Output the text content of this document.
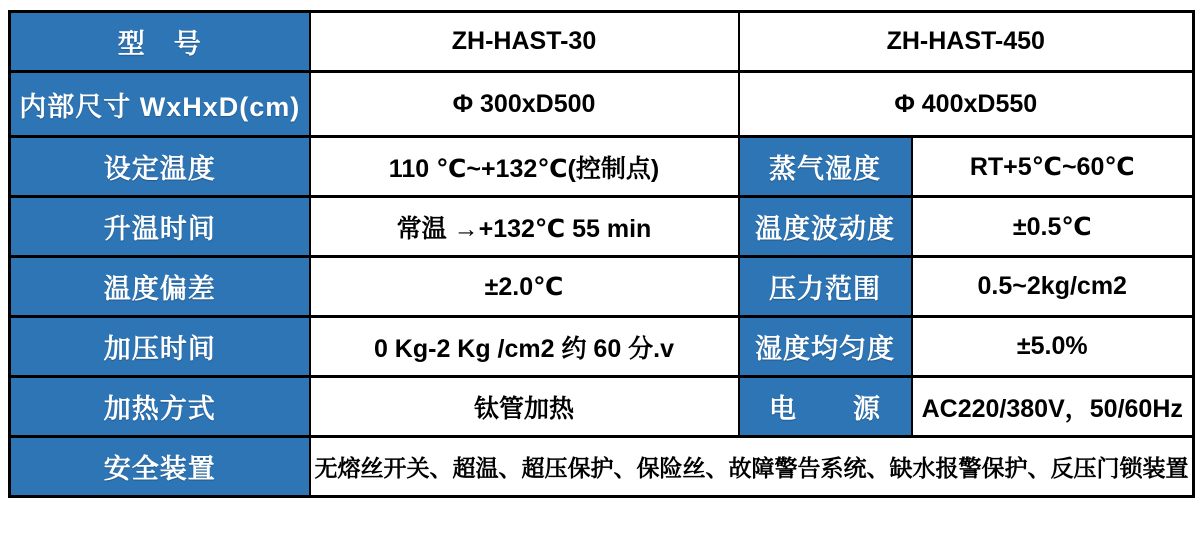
型　号	ZH-HAST-30	ZH-HAST-450	
内部尺寸 WxHxD(cm)	Φ 300xD500	Φ 400xD550	
设定温度	110 ℃~+132℃(控制点)	蒸气湿度	RT+5℃~60℃
升温时间	常温 →+132℃ 55 min	温度波动度	±0.5℃
温度偏差	±2.0℃	压力范围	0.5~2kg/cm2
加压时间	0 Kg-2 Kg /cm2 约 60 分.v	湿度均匀度	±5.0%
加热方式	钛管加热	电　　源	AC220/380V，50/60Hz
安全装置	无熔丝开关、超温、超压保护、保险丝、故障警告系统、缺水报警保护、反压门锁装置		
